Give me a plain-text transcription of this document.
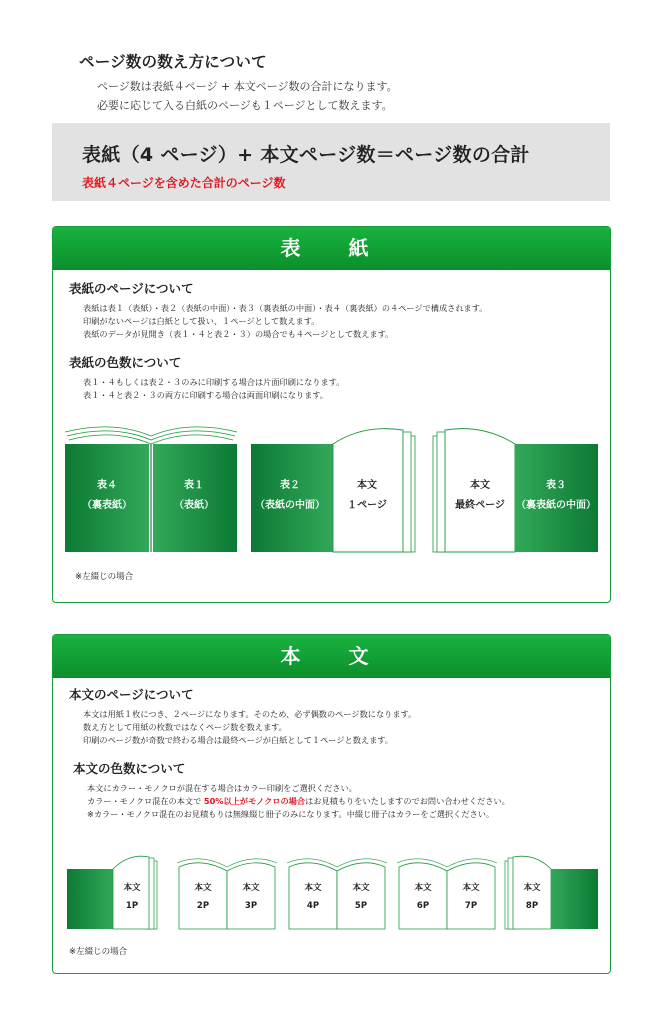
ページ数の数え方について
ページ数は表紙４ページ + 本文ページ数の合計になります。
必要に応じて入る白紙のページも１ページとして数えます。
表紙（4 ページ）+ 本文ページ数＝ページ数の合計
表紙４ページを含めた合計のページ数
表　紙
表紙のページについて
表紙は表１（表紙）・表２（表紙の中面）・表３（裏表紙の中面）・表４（裏表紙）の４ページで構成されます。
印刷がないページは白紙として扱い、１ページとして数えます。
表紙のデータが見開き（表１・４と表２・３）の場合でも４ページとして数えます。
表紙の色数について
表１・４もしくは表２・３のみに印刷する場合は片面印刷になります。
表１・４と表２・３の両方に印刷する場合は両面印刷になります。
表４
（裏表紙）
表１
（表紙）
表２
（表紙の中面）
本文
１ページ
本文
最終ページ
表３
（裏表紙の中面）
※左綴じの場合
本　文
本文のページについて
本文は用紙１枚につき、２ページになります。そのため、必ず偶数のページ数になります。
数え方として用紙の枚数ではなくページ数を数えます。
印刷のページ数が奇数で終わる場合は最終ページが白紙として１ページと数えます。
本文の色数について
本文にカラー・モノクロが混在する場合はカラー印刷をご選択ください。
カラー・モノクロ混在の本文で 50%以上がモノクロの場合はお見積もりをいたしますのでお問い合わせください。
※カラー・モノクロ混在のお見積もりは無線綴じ冊子のみになります。中綴じ冊子はカラーをご選択ください。
本文
1P
本文
2P
本文
3P
本文
4P
本文
5P
本文
6P
本文
7P
本文
8P
※左綴じの場合
